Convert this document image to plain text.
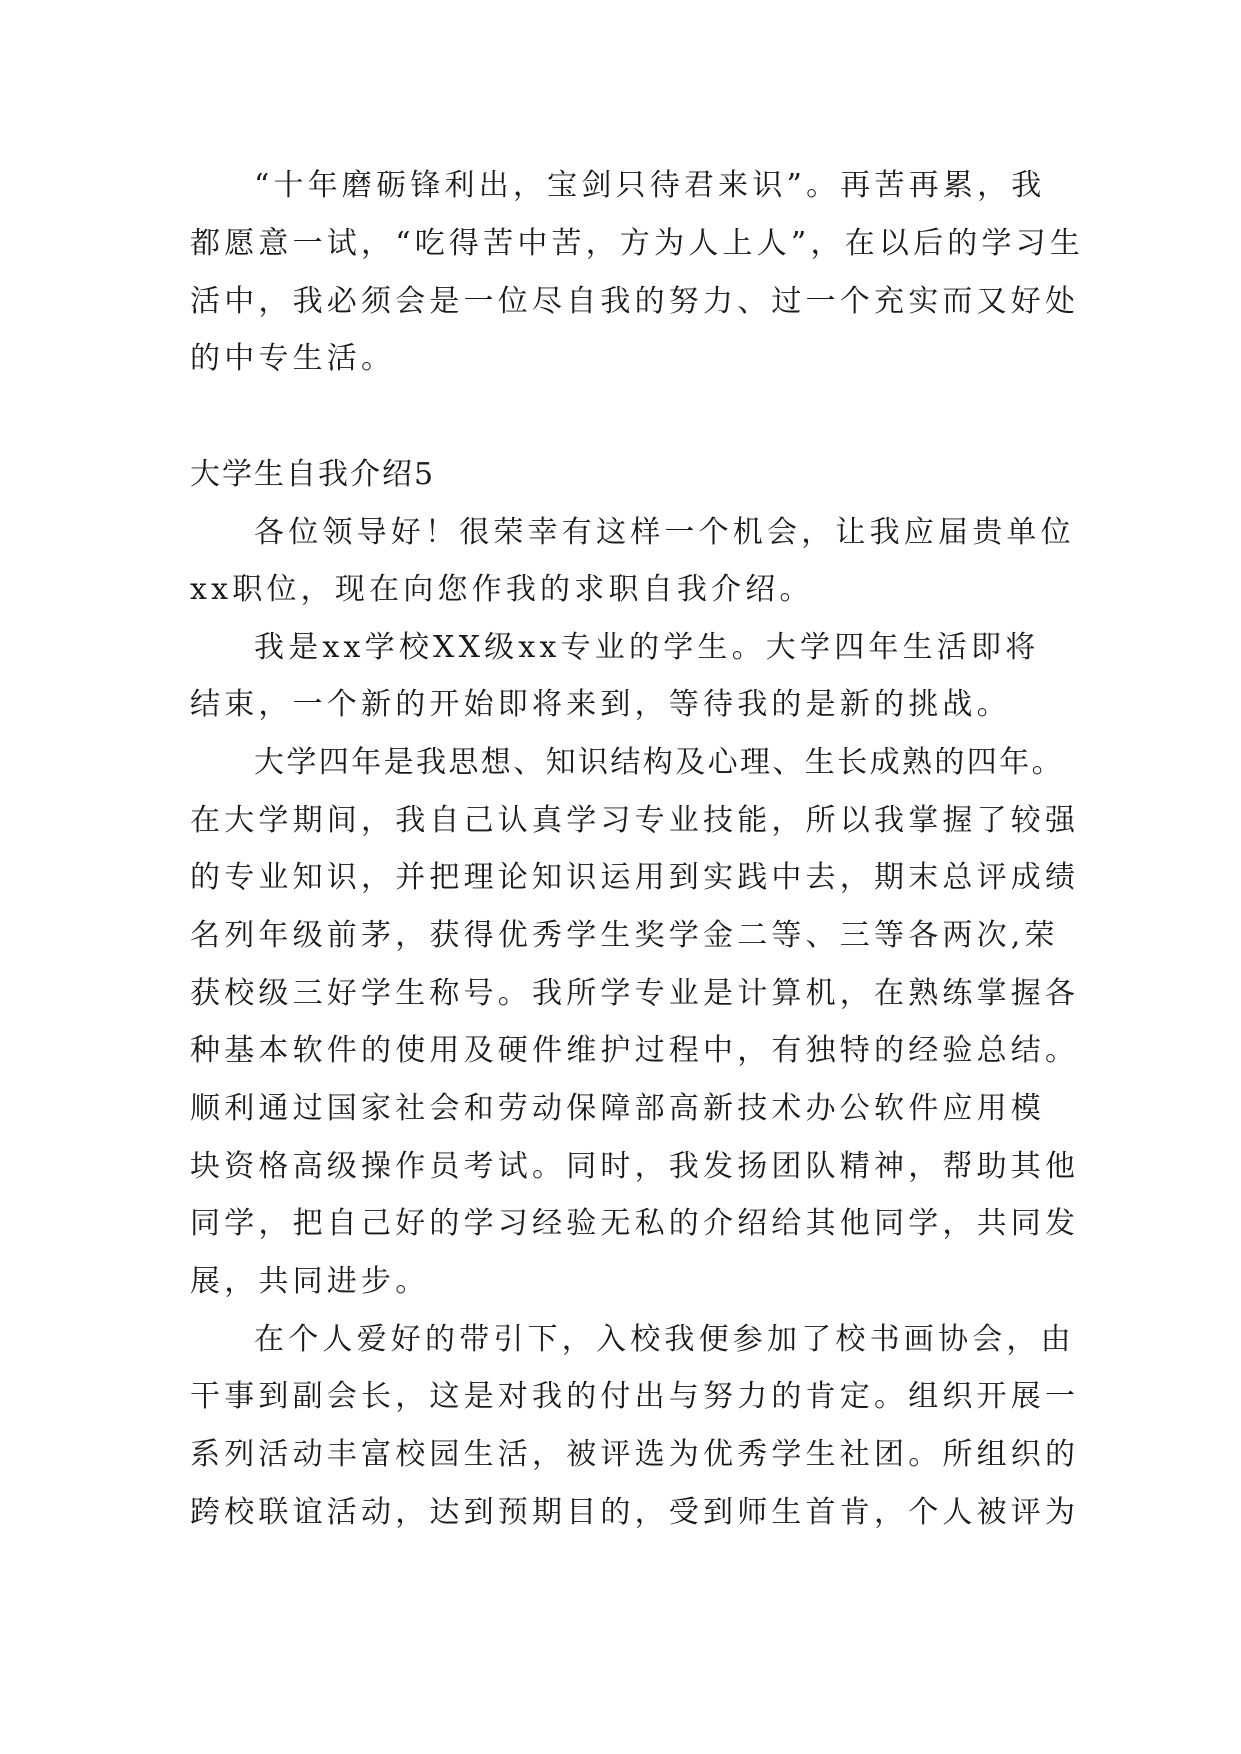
“十年磨砺锋利出，宝剑只待君来识”。再苦再累，我
都愿意一试，“吃得苦中苦，方为人上人”，在以后的学习生
活中，我必须会是一位尽自我的努力、过一个充实而又好处
的中专生活。
大学生自我介绍5
各位领导好！很荣幸有这样一个机会，让我应届贵单位
xx职位，现在向您作我的求职自我介绍。
我是xx学校XX级xx专业的学生。大学四年生活即将
结束，一个新的开始即将来到，等待我的是新的挑战。
大学四年是我思想、知识结构及心理、生长成熟的四年。
在大学期间，我自己认真学习专业技能，所以我掌握了较强
的专业知识，并把理论知识运用到实践中去，期末总评成绩
名列年级前茅，获得优秀学生奖学金二等、三等各两次,荣
获校级三好学生称号。我所学专业是计算机，在熟练掌握各
种基本软件的使用及硬件维护过程中，有独特的经验总结。
顺利通过国家社会和劳动保障部高新技术办公软件应用模
块资格高级操作员考试。同时，我发扬团队精神，帮助其他
同学，把自己好的学习经验无私的介绍给其他同学，共同发
展，共同进步。
在个人爱好的带引下，入校我便参加了校书画协会，由
干事到副会长，这是对我的付出与努力的肯定。组织开展一
系列活动丰富校园生活，被评选为优秀学生社团。所组织的
跨校联谊活动，达到预期目的，受到师生首肯，个人被评为
